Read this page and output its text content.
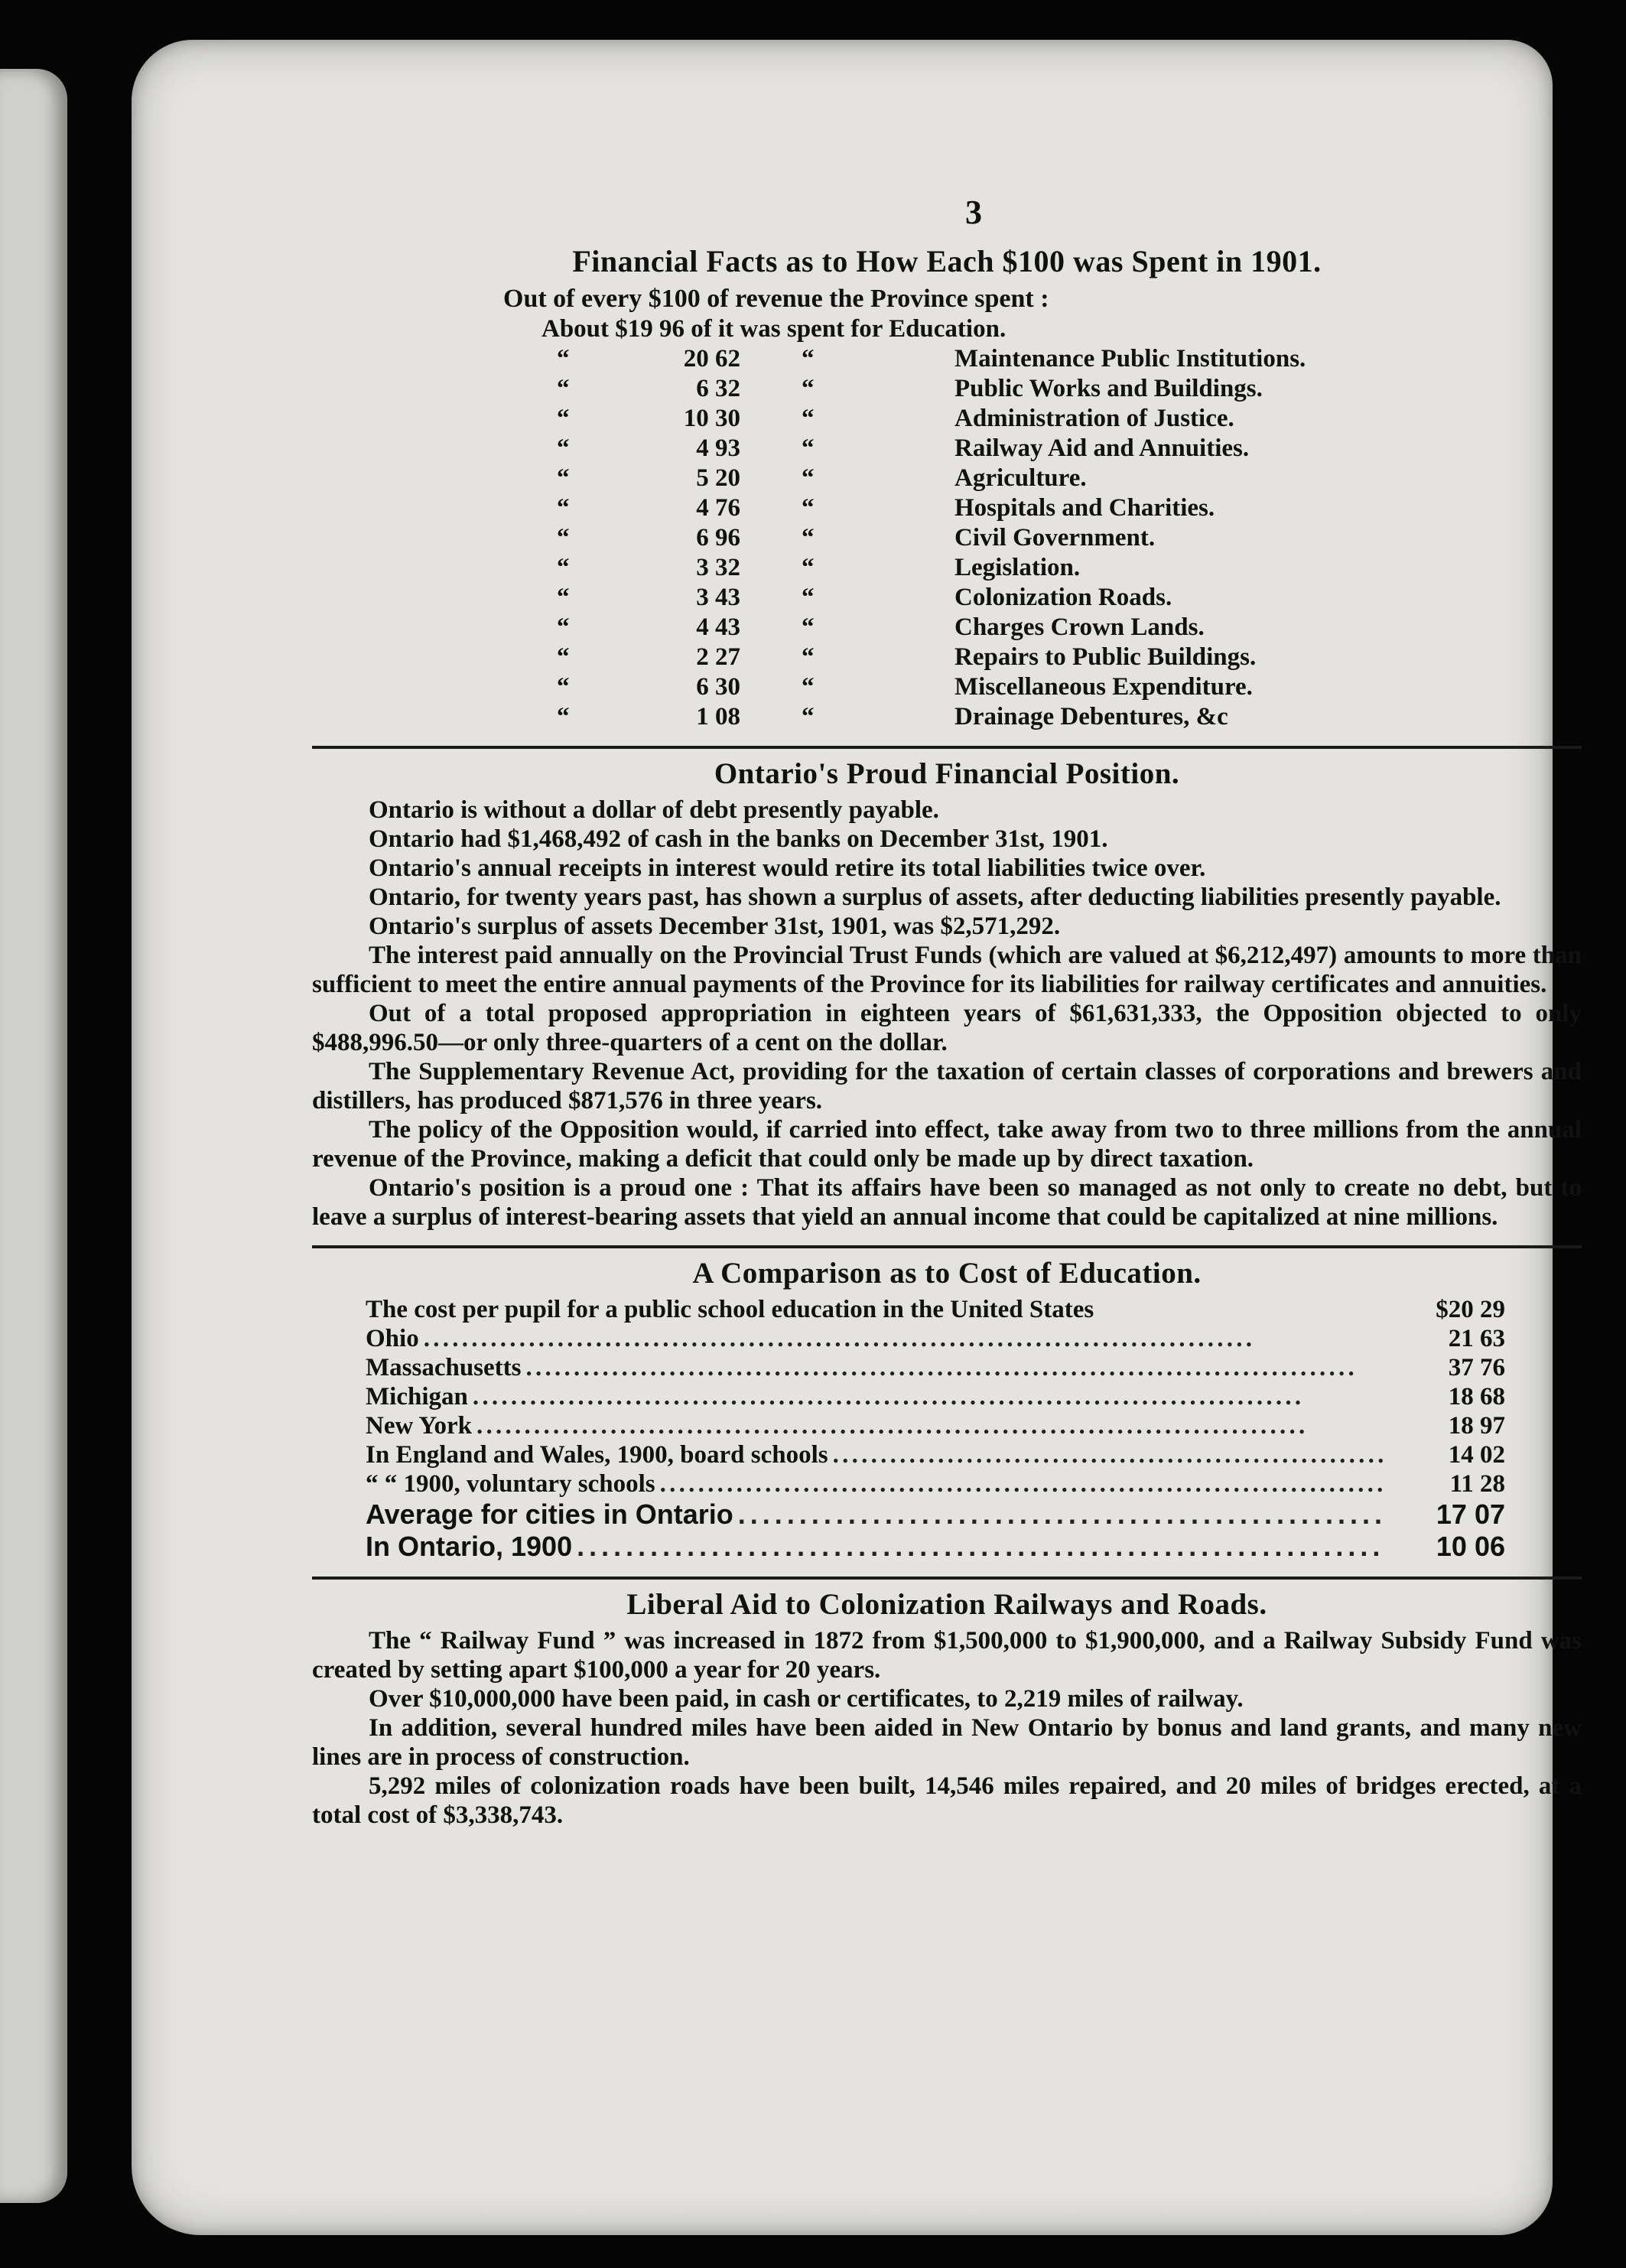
3
Financial Facts as to How Each $100 was Spent in 1901.
Out of every $100 of revenue the Province spent :
About $19 96 of it was spent for Education.
“	20 62	“	Maintenance Public Institutions.
“	6 32	“	Public Works and Buildings.
“	10 30	“	Administration of Justice.
“	4 93	“	Railway Aid and Annuities.
“	5 20	“	Agriculture.
“	4 76	“	Hospitals and Charities.
“	6 96	“	Civil Government.
“	3 32	“	Legislation.
“	3 43	“	Colonization Roads.
“	4 43	“	Charges Crown Lands.
“	2 27	“	Repairs to Public Buildings.
“	6 30	“	Miscellaneous Expenditure.
“	1 08	“	Drainage Debentures, &c
Ontario's Proud Financial Position.

Ontario is without a dollar of debt presently payable.

Ontario had $1,468,492 of cash in the banks on December 31st, 1901.

Ontario's annual receipts in interest would retire its total liabilities twice over.

Ontario, for twenty years past, has shown a surplus of assets, after deducting liabilities presently payable.

Ontario's surplus of assets December 31st, 1901, was $2,571,292.

The interest paid annually on the Provincial Trust Funds (which are valued at $6,212,497) amounts to more than sufficient to meet the entire annual payments of the Province for its liabilities for railway certificates and annuities.

Out of a total proposed appropriation in eighteen years of $61,631,333, the Opposition objected to only $488,996.50—or only three-quarters of a cent on the dollar.

The Supplementary Revenue Act, providing for the taxation of certain classes of corporations and brewers and distillers, has produced $871,576 in three years.

The policy of the Opposition would, if carried into effect, take away from two to three millions from the annual revenue of the Province, making a deficit that could only be made up by direct taxation.

Ontario's position is a proud one : That its affairs have been so managed as not only to create no debt, but to leave a surplus of interest-bearing assets that yield an annual income that could be capitalized at nine millions.

A Comparison as to Cost of Education.
The cost per pupil for a public school education in the United States	$20 29
Ohio . . .	21 63
Massachusetts . . .	37 76
Michigan . . .	18 68
New York . . .	18 97
In England and Wales, 1900, board schools . . .	14 02
“ “ 1900, voluntary schools . . .	11 28
Average for cities in Ontario . . .	17 07
In Ontario, 1900 . . .	10 06
Liberal Aid to Colonization Railways and Roads.

The “ Railway Fund ” was increased in 1872 from $1,500,000 to $1,900,000, and a Railway Subsidy Fund was created by setting apart $100,000 a year for 20 years.

Over $10,000,000 have been paid, in cash or certificates, to 2,219 miles of railway.

In addition, several hundred miles have been aided in New Ontario by bonus and land grants, and many new lines are in process of construction.

5,292 miles of colonization roads have been built, 14,546 miles repaired, and 20 miles of bridges erected, at a total cost of $3,338,743.
